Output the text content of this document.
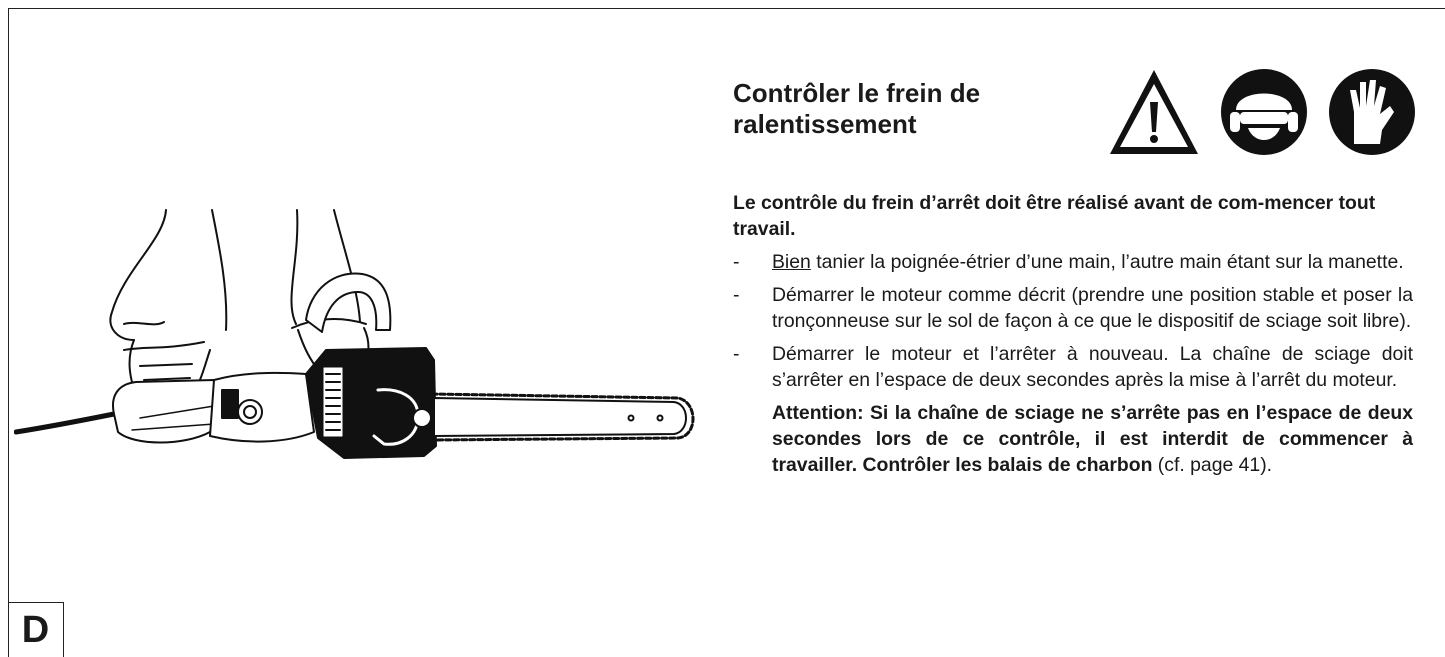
Contrôler le frein de ralentissement

Le contrôle du frein d’arrêt doit être réalisé avant de com-mencer tout travail.

- Bien tanier la poignée-étrier d’une main, l’autre main étant sur la manette.
- Démarrer le moteur comme décrit (prendre une position stable et poser la tronçonneuse sur le sol de façon à ce que le dispositif de sciage soit libre).
- Démarrer le moteur et l’arrêter à nouveau. La chaîne de sciage doit s’arrêter en l’espace de deux secondes après la mise à l’arrêt du moteur.
Attention: Si la chaîne de sciage ne s’arrête pas en l’espace de deux secondes lors de ce contrôle, il est interdit de commencer à travailler. Contrôler les balais de charbon (cf. page 41).
D
